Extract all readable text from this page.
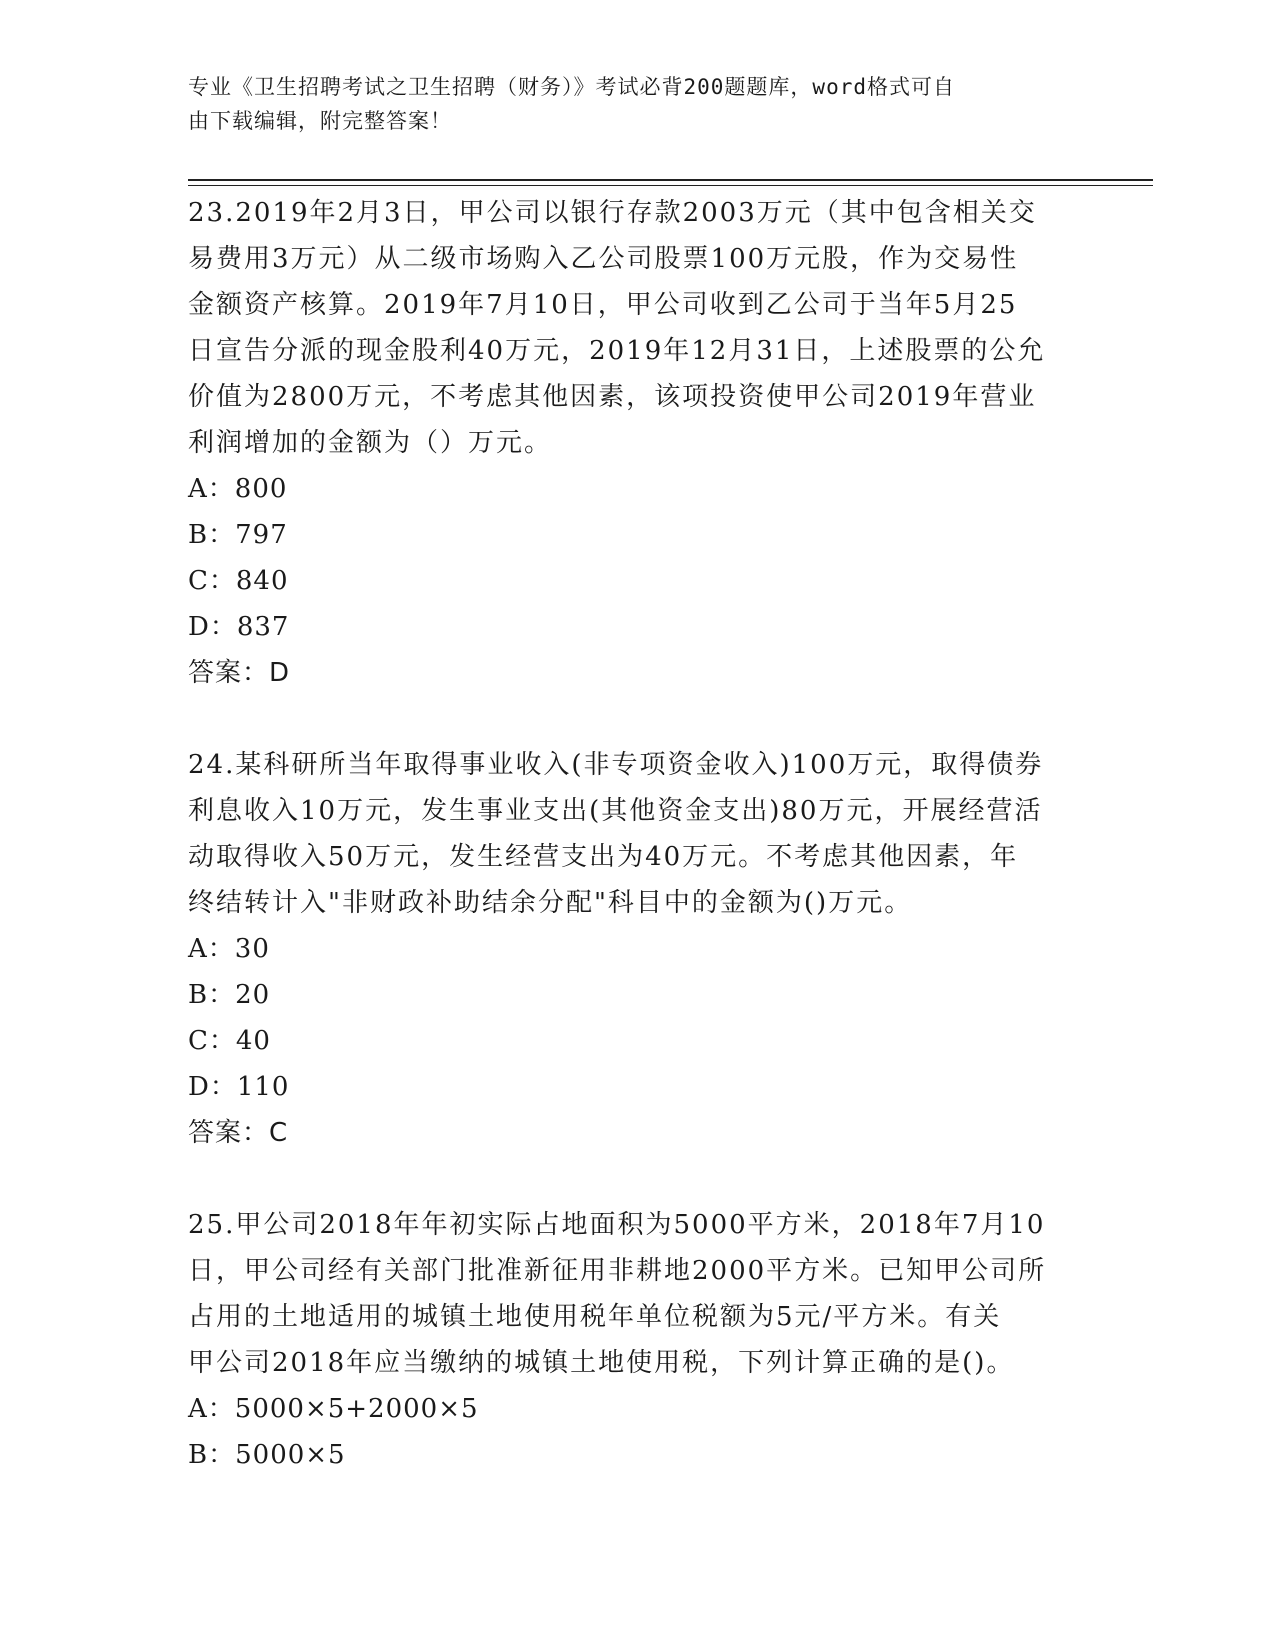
专业《卫生招聘考试之卫生招聘（财务）》考试必背200题题库，word格式可自
由下载编辑，附完整答案！

23.2019年2月3日，甲公司以银行存款2003万元（其中包含相关交
易费用3万元）从二级市场购入乙公司股票100万元股，作为交易性
金额资产核算。2019年7月10日，甲公司收到乙公司于当年5月25
日宣告分派的现金股利40万元，2019年12月31日，上述股票的公允
价值为2800万元，不考虑其他因素，该项投资使甲公司2019年营业
利润增加的金额为（）万元。

A：800

B：797

C：840

D：837

答案：D

24.某科研所当年取得事业收入(非专项资金收入)100万元，取得债券
利息收入10万元，发生事业支出(其他资金支出)80万元，开展经营活
动取得收入50万元，发生经营支出为40万元。不考虑其他因素，年
终结转计入"非财政补助结余分配"科目中的金额为()万元。

A：30

B：20

C：40

D：110

答案：C

25.甲公司2018年年初实际占地面积为5000平方米，2018年7月10
日，甲公司经有关部门批准新征用非耕地2000平方米。已知甲公司所
占用的土地适用的城镇土地使用税年单位税额为5元/平方米。有关
甲公司2018年应当缴纳的城镇土地使用税，下列计算正确的是()。

A：5000×5+2000×5

B：5000×5
